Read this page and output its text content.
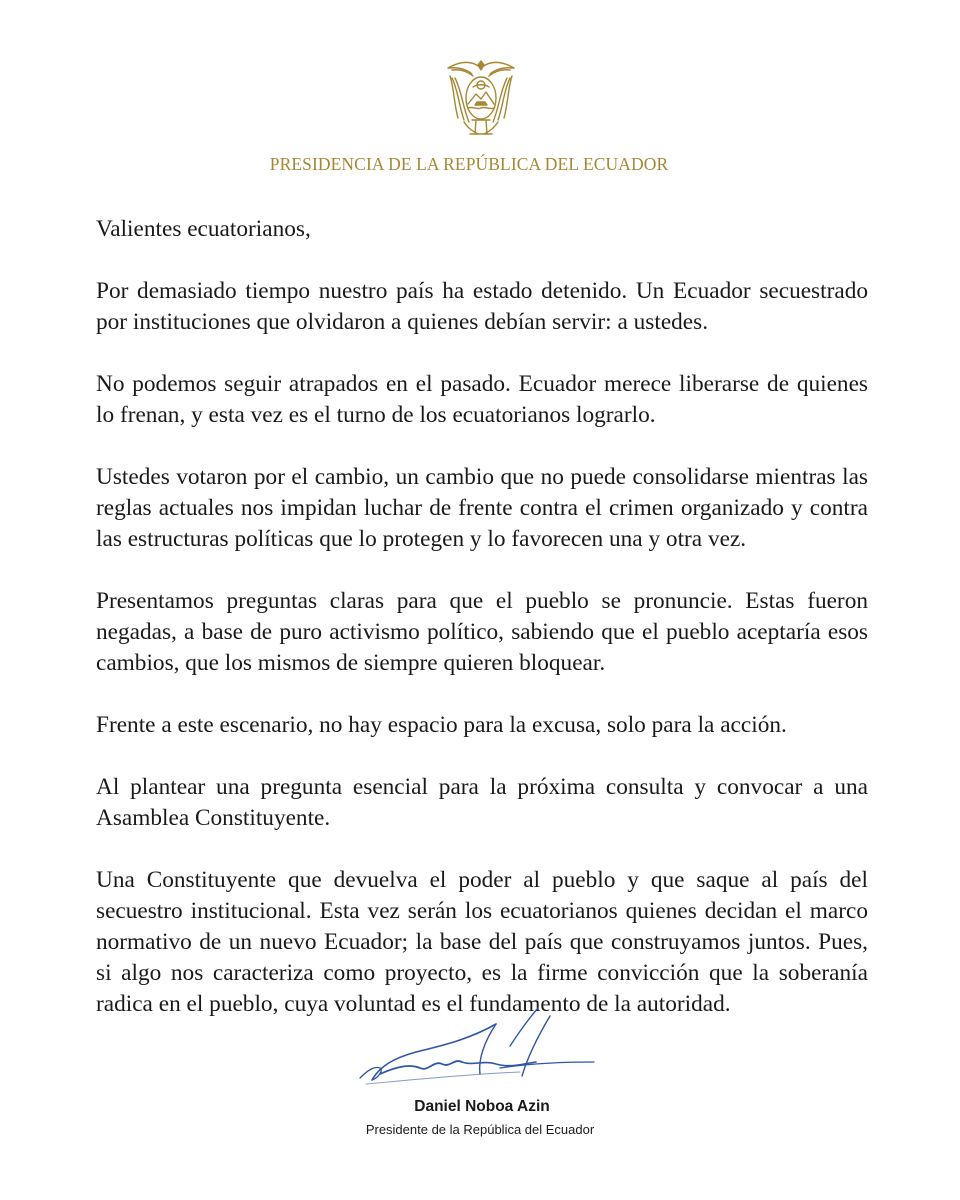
PRESIDENCIA DE LA REPÚBLICA DEL ECUADOR

Valientes ecuatorianos,

Por demasiado tiempo nuestro país ha estado detenido. Un Ecuador secuestrado por instituciones que olvidaron a quienes debían servir: a ustedes.

No podemos seguir atrapados en el pasado. Ecuador merece liberarse de quienes lo frenan, y esta vez es el turno de los ecuatorianos lograrlo.

Ustedes votaron por el cambio, un cambio que no puede consolidarse mientras las reglas actuales nos impidan luchar de frente contra el crimen organizado y contra las estructuras políticas que lo protegen y lo favorecen una y otra vez.

Presentamos preguntas claras para que el pueblo se pronuncie. Estas fueron negadas, a base de puro activismo político, sabiendo que el pueblo aceptaría esos cambios, que los mismos de siempre quieren bloquear.

Frente a este escenario, no hay espacio para la excusa, solo para la acción.

Al plantear una pregunta esencial para la próxima consulta y convocar a una Asamblea Constituyente.

Una Constituyente que devuelva el poder al pueblo y que saque al país del secuestro institucional. Esta vez serán los ecuatorianos quienes decidan el marco normativo de un nuevo Ecuador; la base del país que construyamos juntos. Pues, si algo nos caracteriza como proyecto, es la firme convicción que la soberanía radica en el pueblo, cuya voluntad es el fundamento de la autoridad.

Daniel Noboa Azin
Presidente de la República del Ecuador
